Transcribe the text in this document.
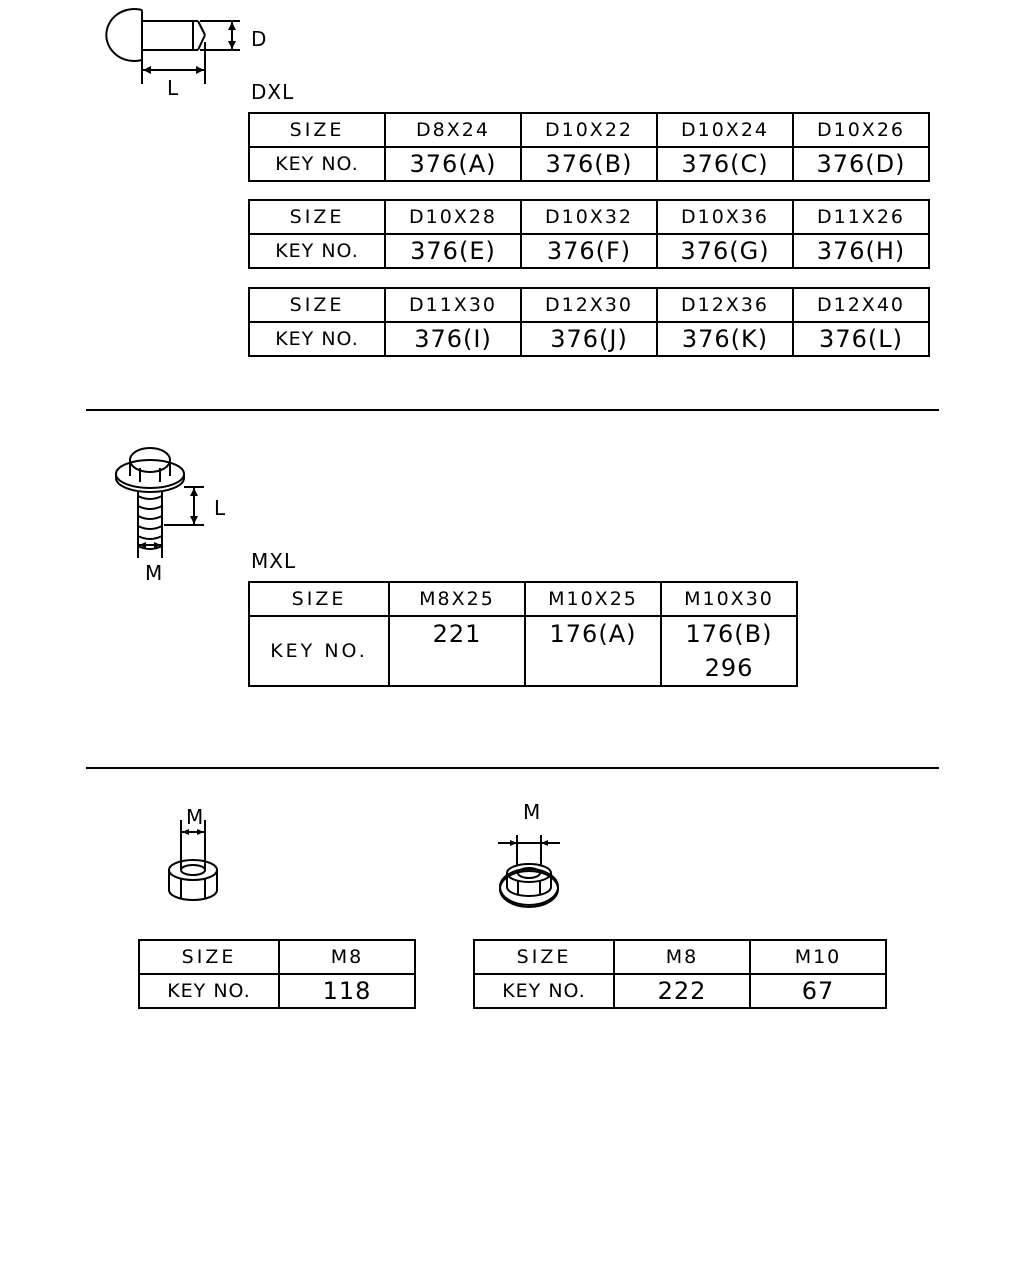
D
L	DXL
SIZE	D8X24	D10X22	D10X24	D10X26
KEY NO.	376(A)	376(B)	376(C)	376(D)
SIZE	D10X28	D10X32	D10X36	D11X26
KEY NO.	376(E)	376(F)	376(G)	376(H)
SIZE	D11X30	D12X30	D12X36	D12X40
KEY NO.	376(I)	376(J)	376(K)	376(L)
L
M	MXL
SIZE	M8X25	M10X25	M10X30
KEY NO.	221	176(A)	176(B)
296
M	M
SIZE	M8
KEY NO.	118
SIZE	M8	M10
KEY NO.	222	67
